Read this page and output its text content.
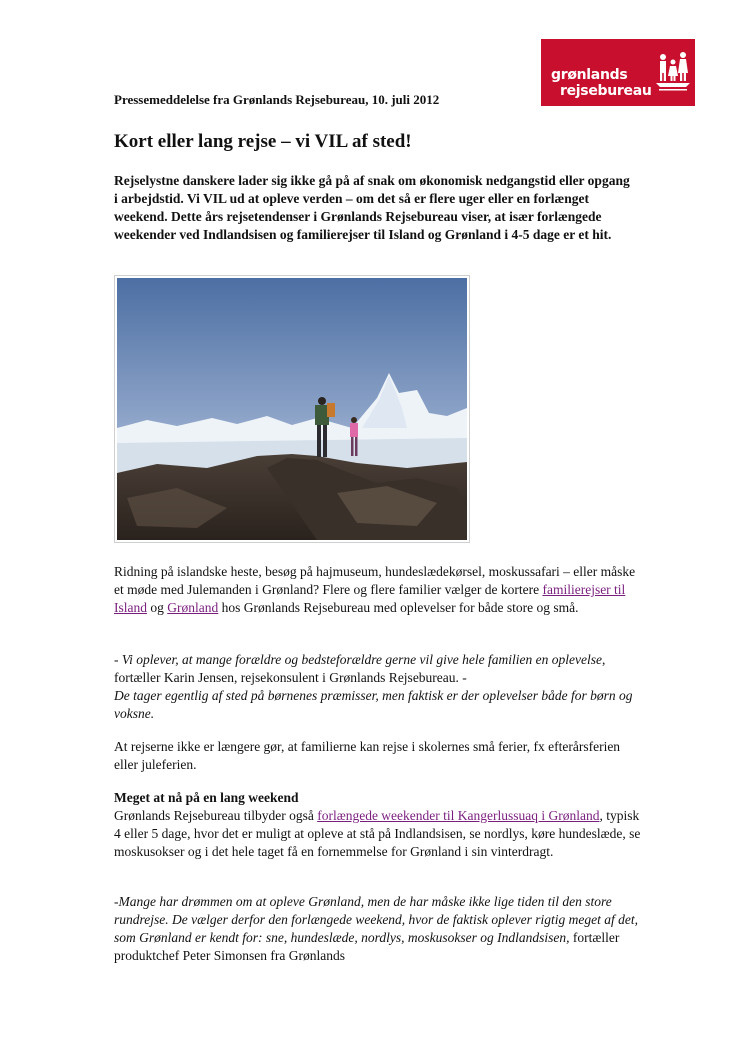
grønlands
rejsebureau
Pressemeddelelse fra Grønlands Rejsebureau, 10. juli 2012
Kort eller lang rejse – vi VIL af sted!

Rejselystne danskere lader sig ikke gå på af snak om økonomisk nedgangstid eller opgang i arbejdstid. Vi VIL ud at opleve verden – om det så er flere uger eller en forlænget weekend. Dette års rejsetendenser i Grønlands Rejsebureau viser, at især forlængede weekender ved Indlandsisen og familierejser til Island og Grønland i 4-5 dage er et hit.

Ridning på islandske heste, besøg på hajmuseum, hundeslædekørsel, moskussafari – eller måske et møde med Julemanden i Grønland? Flere og flere familier vælger de kortere familierejser til Island og Grønland hos Grønlands Rejsebureau med oplevelser for både store og små.

- Vi oplever, at mange forældre og bedsteforældre gerne vil give hele familien en oplevelse, fortæller Karin Jensen, rejsekonsulent i Grønlands Rejsebureau. -
De tager egentlig af sted på børnenes præmisser, men faktisk er der oplevelser både for børn og voksne.

At rejserne ikke er længere gør, at familierne kan rejse i skolernes små ferier, fx efterårsferien eller juleferien.

Meget at nå på en lang weekend

Grønlands Rejsebureau tilbyder også forlængede weekender til Kangerlussuaq i Grønland, typisk 4 eller 5 dage, hvor det er muligt at opleve at stå på Indlandsisen, se nordlys, køre hundeslæde, se moskusokser og i det hele taget få en fornemmelse for Grønland i sin vinterdragt.

-Mange har drømmen om at opleve Grønland, men de har måske ikke lige tiden til den store rundrejse. De vælger derfor den forlængede weekend, hvor de faktisk oplever rigtig meget af det, som Grønland er kendt for: sne, hundeslæde, nordlys, moskusokser og Indlandsisen, fortæller produktchef Peter Simonsen fra Grønlands
